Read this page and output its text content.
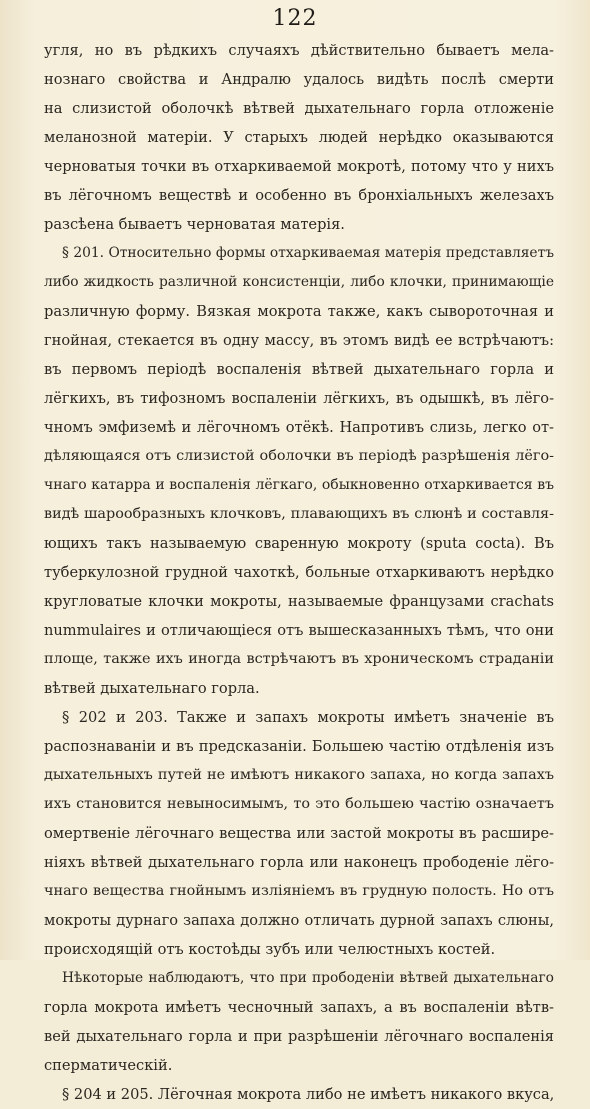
122
угля, но въ рѣдкихъ случаяхъ дѣйствительно бываетъ мела-
нознаго свойства и Андралю удалось видѣть послѣ смерти
на слизистой оболочкѣ вѣтвей дыхательнаго горла отложенiе
меланозной матерiи. У старыхъ людей нерѣдко оказываются
черноватыя точки въ отхаркиваемой мокротѣ, потому что у нихъ
въ лёгочномъ веществѣ и особенно въ бронхiальныхъ железахъ
разсѣена бываетъ черноватая матерiя.
§ 201. Относительно формы отхаркиваемая матерiя представляетъ
либо жидкость различной консистенцiи, либо клочки, принимающiе
различную форму. Вязкая мокрота также, какъ сывороточная и
гнойная, стекается въ одну массу, въ этомъ видѣ ее встрѣчаютъ:
въ первомъ перiодѣ воспаленiя вѣтвей дыхательнаго горла и
лёгкихъ, въ тифозномъ воспаленiи лёгкихъ, въ одышкѣ, въ лёго-
чномъ эмфиземѣ и лёгочномъ отёкѣ. Напротивъ слизь, легко от-
дѣляющаяся отъ слизистой оболочки въ перiодѣ разрѣшенiя лёго-
чнаго катарра и воспаленiя лёгкаго, обыкновенно отхаркивается въ
видѣ шарообразныхъ клочковъ, плавающихъ въ слюнѣ и составля-
ющихъ такъ называемую сваренную мокроту (sputa cocta). Въ
туберкулозной грудной чахоткѣ, больные отхаркиваютъ нерѣдко
кругловатые клочки мокроты, называемые французами crachats
nummulaires и отличающiеся отъ вышесказанныхъ тѣмъ, что они
площе, также ихъ иногда встрѣчаютъ въ хроническомъ страданiи
вѣтвей дыхательнаго горла.
§ 202 и 203. Также и запахъ мокроты имѣетъ значенiе въ
распознаванiи и въ предсказанiи. Большею частiю отдѣленiя изъ
дыхательныхъ путей не имѣютъ никакого запаха, но когда запахъ
ихъ становится невыносимымъ, то это большею частiю означаетъ
омертвенiе лёгочнаго вещества или застой мокроты въ расшире-
нiяхъ вѣтвей дыхательнаго горла или наконецъ прободенiе лёго-
чнаго вещества гнойнымъ излiянiемъ въ грудную полость. Но отъ
мокроты дурнаго запаха должно отличать дурной запахъ слюны,
происходящiй отъ костоѣды зубъ или челюстныхъ костей.
Нѣкоторые наблюдаютъ, что при прободенiи вѣтвей дыхательнаго
горла мокрота имѣетъ чесночный запахъ, а въ воспаленiи вѣтв-
вей дыхательнаго горла и при разрѣшенiи лёгочнаго воспаленiя
сперматическiй.
§ 204 и 205. Лёгочная мокрота либо не имѣетъ никакого вкуса,
